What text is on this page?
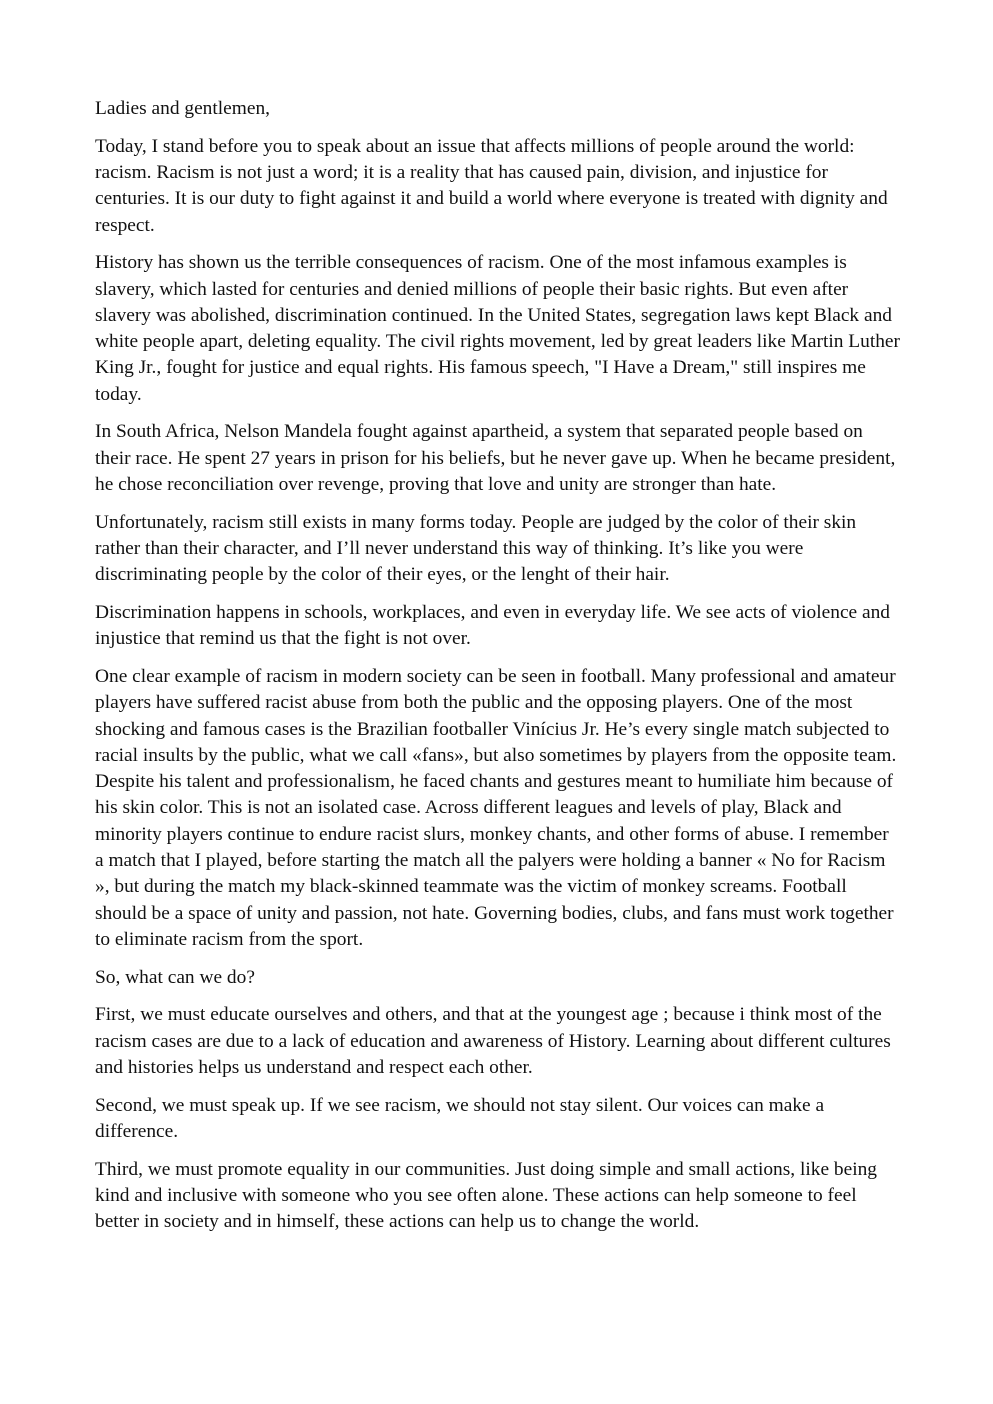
Ladies and gentlemen,

Today, I stand before you to speak about an issue that affects millions of people around the world: racism. Racism is not just a word; it is a reality that has caused pain, division, and injustice for centuries. It is our duty to fight against it and build a world where everyone is treated with dignity and respect.

History has shown us the terrible consequences of racism. One of the most infamous examples is slavery, which lasted for centuries and denied millions of people their basic rights. But even after slavery was abolished, discrimination continued. In the United States, segregation laws kept Black and white people apart, deleting equality. The civil rights movement, led by great leaders like Martin Luther King Jr., fought for justice and equal rights. His famous speech, "I Have a Dream," still inspires me today.

In South Africa, Nelson Mandela fought against apartheid, a system that separated people based on their race. He spent 27 years in prison for his beliefs, but he never gave up. When he became president, he chose reconciliation over revenge, proving that love and unity are stronger than hate.

Unfortunately, racism still exists in many forms today. People are judged by the color of their skin rather than their character, and I’ll never understand this way of thinking. It’s like you were discriminating people by the color of their eyes, or the lenght of their hair.

Discrimination happens in schools, workplaces, and even in everyday life. We see acts of violence and injustice that remind us that the fight is not over.

One clear example of racism in modern society can be seen in football. Many professional and amateur players have suffered racist abuse from both the public and the opposing players. One of the most shocking and famous cases is the Brazilian footballer Vinícius Jr. He’s every single match subjected to racial insults by the public, what we call «fans», but also sometimes by players from the opposite team. Despite his talent and professionalism, he faced chants and gestures meant to humiliate him because of his skin color. This is not an isolated case. Across different leagues and levels of play, Black and minority players continue to endure racist slurs, monkey chants, and other forms of abuse. I remember a match that I played, before starting the match all the palyers were holding a banner « No for Racism », but during the match my black-skinned teammate was the victim of monkey screams. Football should be a space of unity and passion, not hate. Governing bodies, clubs, and fans must work together to eliminate racism from the sport.

So, what can we do?

First, we must educate ourselves and others, and that at the youngest age ; because i think most of the racism cases are due to a lack of education and awareness of History. Learning about different cultures and histories helps us understand and respect each other.

Second, we must speak up. If we see racism, we should not stay silent. Our voices can make a difference.

Third, we must promote equality in our communities. Just doing simple and small actions, like being kind and inclusive with someone who you see often alone. These actions can help someone to feel better in society and in himself, these actions can help us to change the world.
